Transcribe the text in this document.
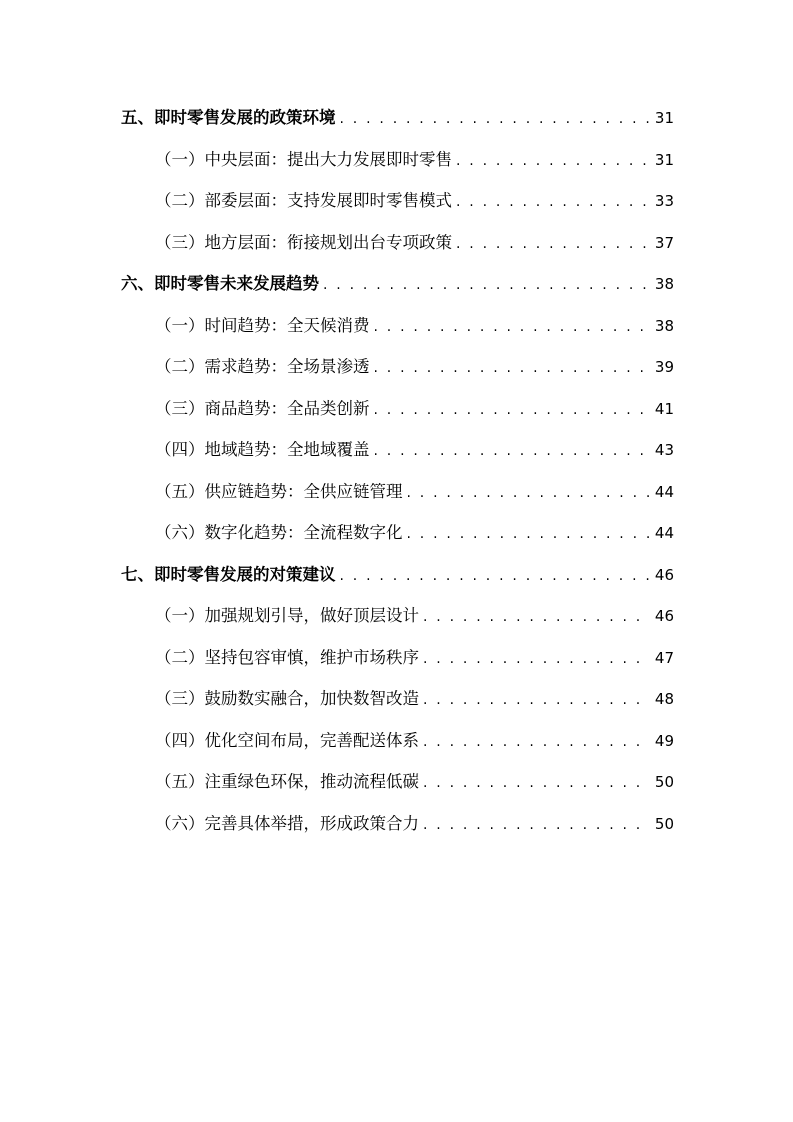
五、即时零售发展的政策环境 . . .	31
（一）中央层面：提出大力发展即时零售 . . .	31
（二）部委层面：支持发展即时零售模式 . . .	33
（三）地方层面：衔接规划出台专项政策 . . .	37
六、即时零售未来发展趋势 . . .	38
（一）时间趋势：全天候消费 . . .	38
（二）需求趋势：全场景渗透 . . .	39
（三）商品趋势：全品类创新 . . .	41
（四）地域趋势：全地域覆盖 . . .	43
（五）供应链趋势：全供应链管理 . . .	44
（六）数字化趋势：全流程数字化 . . .	44
七、即时零售发展的对策建议 . . .	46
（一）加强规划引导，做好顶层设计 . . .	46
（二）坚持包容审慎，维护市场秩序 . . .	47
（三）鼓励数实融合，加快数智改造 . . .	48
（四）优化空间布局，完善配送体系 . . .	49
（五）注重绿色环保，推动流程低碳 . . .	50
（六）完善具体举措，形成政策合力 . . .	50
